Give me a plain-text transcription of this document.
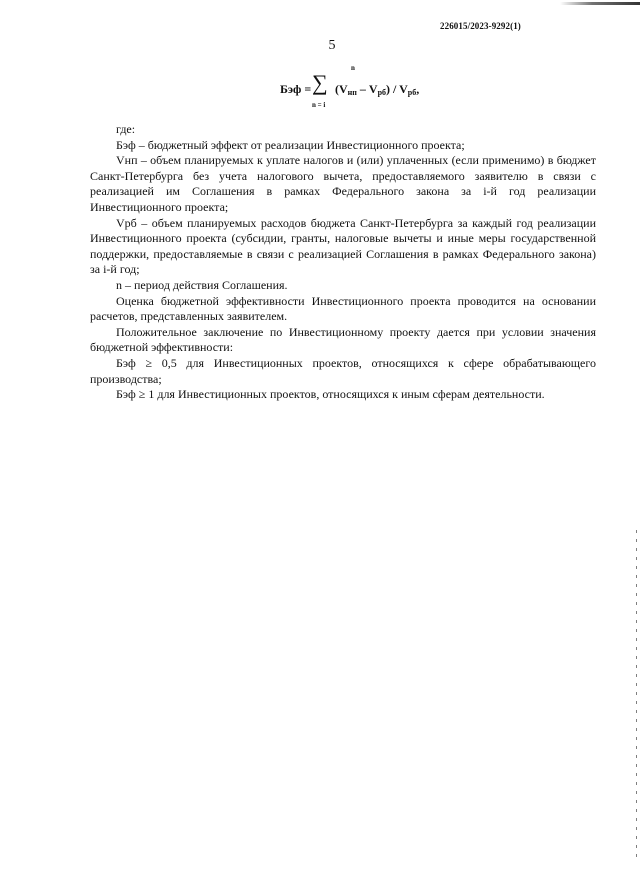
226015/2023-9292(1)
5
Бэф =
n
∑
n = i
$(V_{нп} - V_{рб}) / V_{рб}$,

где:

Бэф – бюджетный эффект от реализации Инвестиционного проекта;

Vнп – объем планируемых к уплате налогов и (или) уплаченных (если применимо) в бюджет Санкт-Петербурга без учета налогового вычета, предоставляемого заявителю в связи с реализацией им Соглашения в рамках Федерального закона за i-й год реализации Инвестиционного проекта;

Vрб – объем планируемых расходов бюджета Санкт-Петербурга за каждый год реализации Инвестиционного проекта (субсидии, гранты, налоговые вычеты и иные меры государственной поддержки, предоставляемые в связи с реализацией Соглашения в рамках Федерального закона) за i-й год;

n – период действия Соглашения.

Оценка бюджетной эффективности Инвестиционного проекта проводится на основании расчетов, представленных заявителем.

Положительное заключение по Инвестиционному проекту дается при условии значения бюджетной эффективности:

Бэф ≥ 0,5 для Инвестиционных проектов, относящихся к сфере обрабатывающего производства;

Бэф ≥ 1 для Инвестиционных проектов, относящихся к иным сферам деятельности.
